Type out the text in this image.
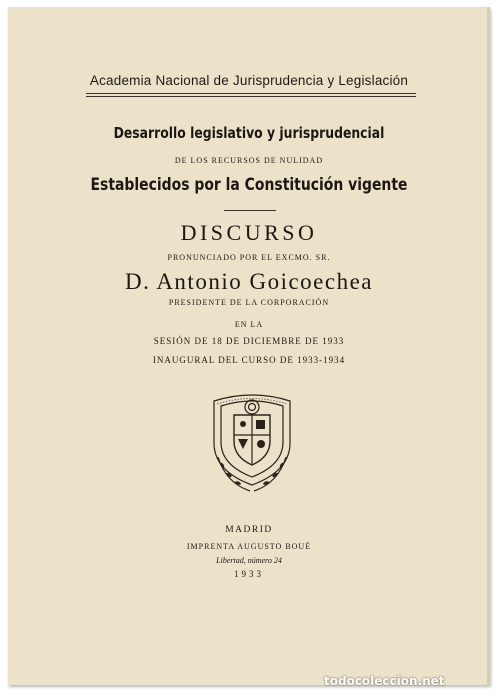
Academia Nacional de Jurisprudencia y Legislación
Desarrollo legislativo y jurisprudencial
DE LOS RECURSOS DE NULIDAD
Establecidos por la Constitución vigente
DISCURSO
PRONUNCIADO POR EL EXCMO. SR.
D. Antonio Goicoechea
PRESIDENTE DE LA CORPORACIÓN
EN LA
SESIÓN DE 18 DE DICIEMBRE DE 1933
INAUGURAL DEL CURSO DE 1933-1934
MADRID
IMPRENTA AUGUSTO BOUÉ
Libertad, número 24
1933
todocoleccion.net
